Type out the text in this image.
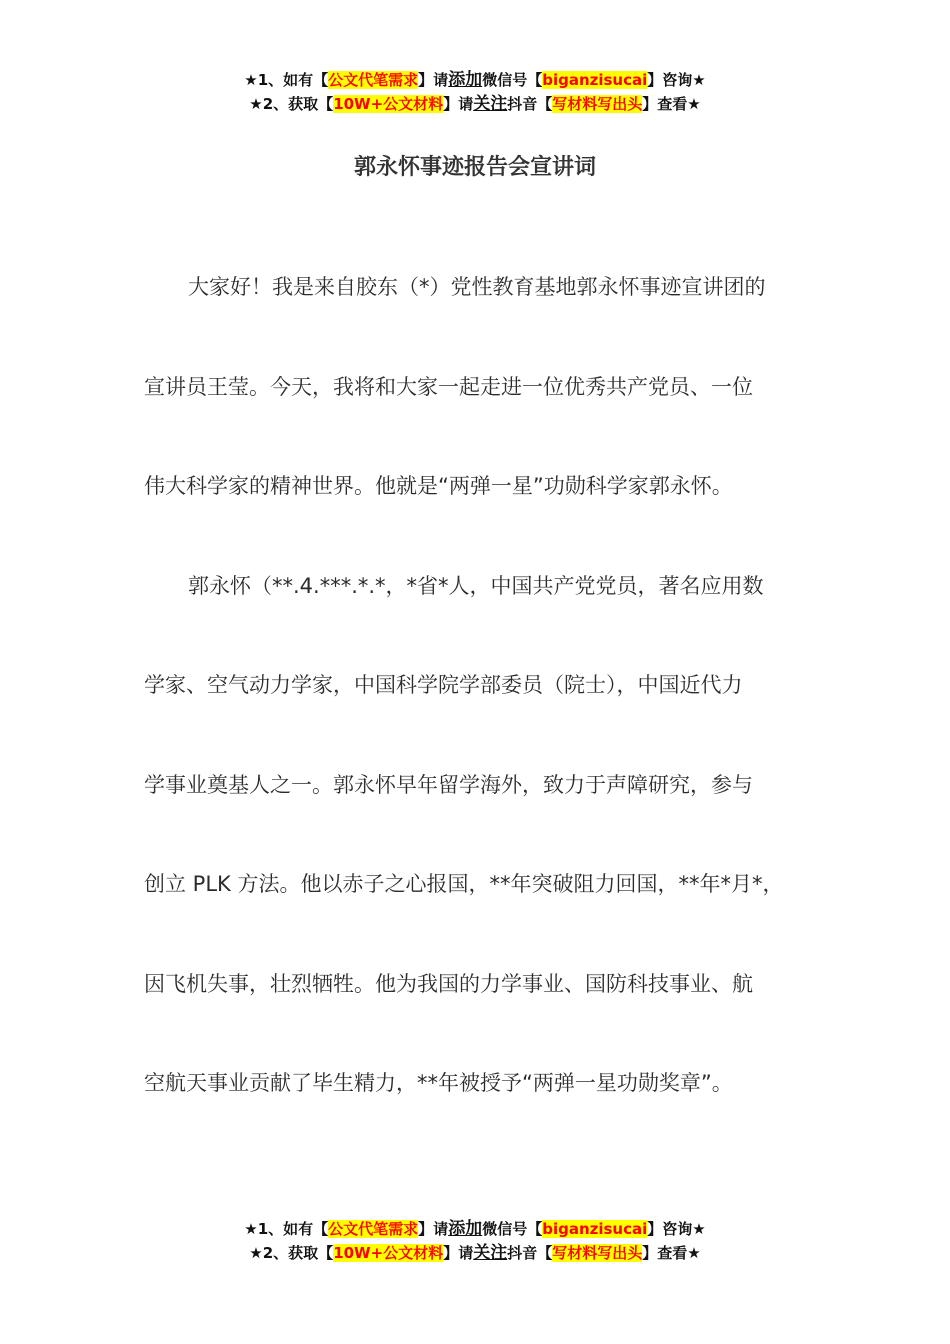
★1、如有【公文代笔需求】请添加微信号【biganzisucai】咨询★
★2、获取【10W+公文材料】请关注抖音【写材料写出头】查看★
郭永怀事迹报告会宣讲词
大家好！我是来自胶东（*）党性教育基地郭永怀事迹宣讲团的
宣讲员王莹。今天，我将和大家一起走进一位优秀共产党员、一位
伟大科学家的精神世界。他就是“两弹一星”功勋科学家郭永怀。
郭永怀（**.4.***.*.*，*省*人，中国共产党党员，著名应用数
学家、空气动力学家，中国科学院学部委员（院士），中国近代力
学事业奠基人之一。郭永怀早年留学海外，致力于声障研究，参与
创立 PLK 方法。他以赤子之心报国，**年突破阻力回国，**年*月*，
因飞机失事，壮烈牺牲。他为我国的力学事业、国防科技事业、航
空航天事业贡献了毕生精力，**年被授予“两弹一星功勋奖章”。
★1、如有【公文代笔需求】请添加微信号【biganzisucai】咨询★
★2、获取【10W+公文材料】请关注抖音【写材料写出头】查看★
